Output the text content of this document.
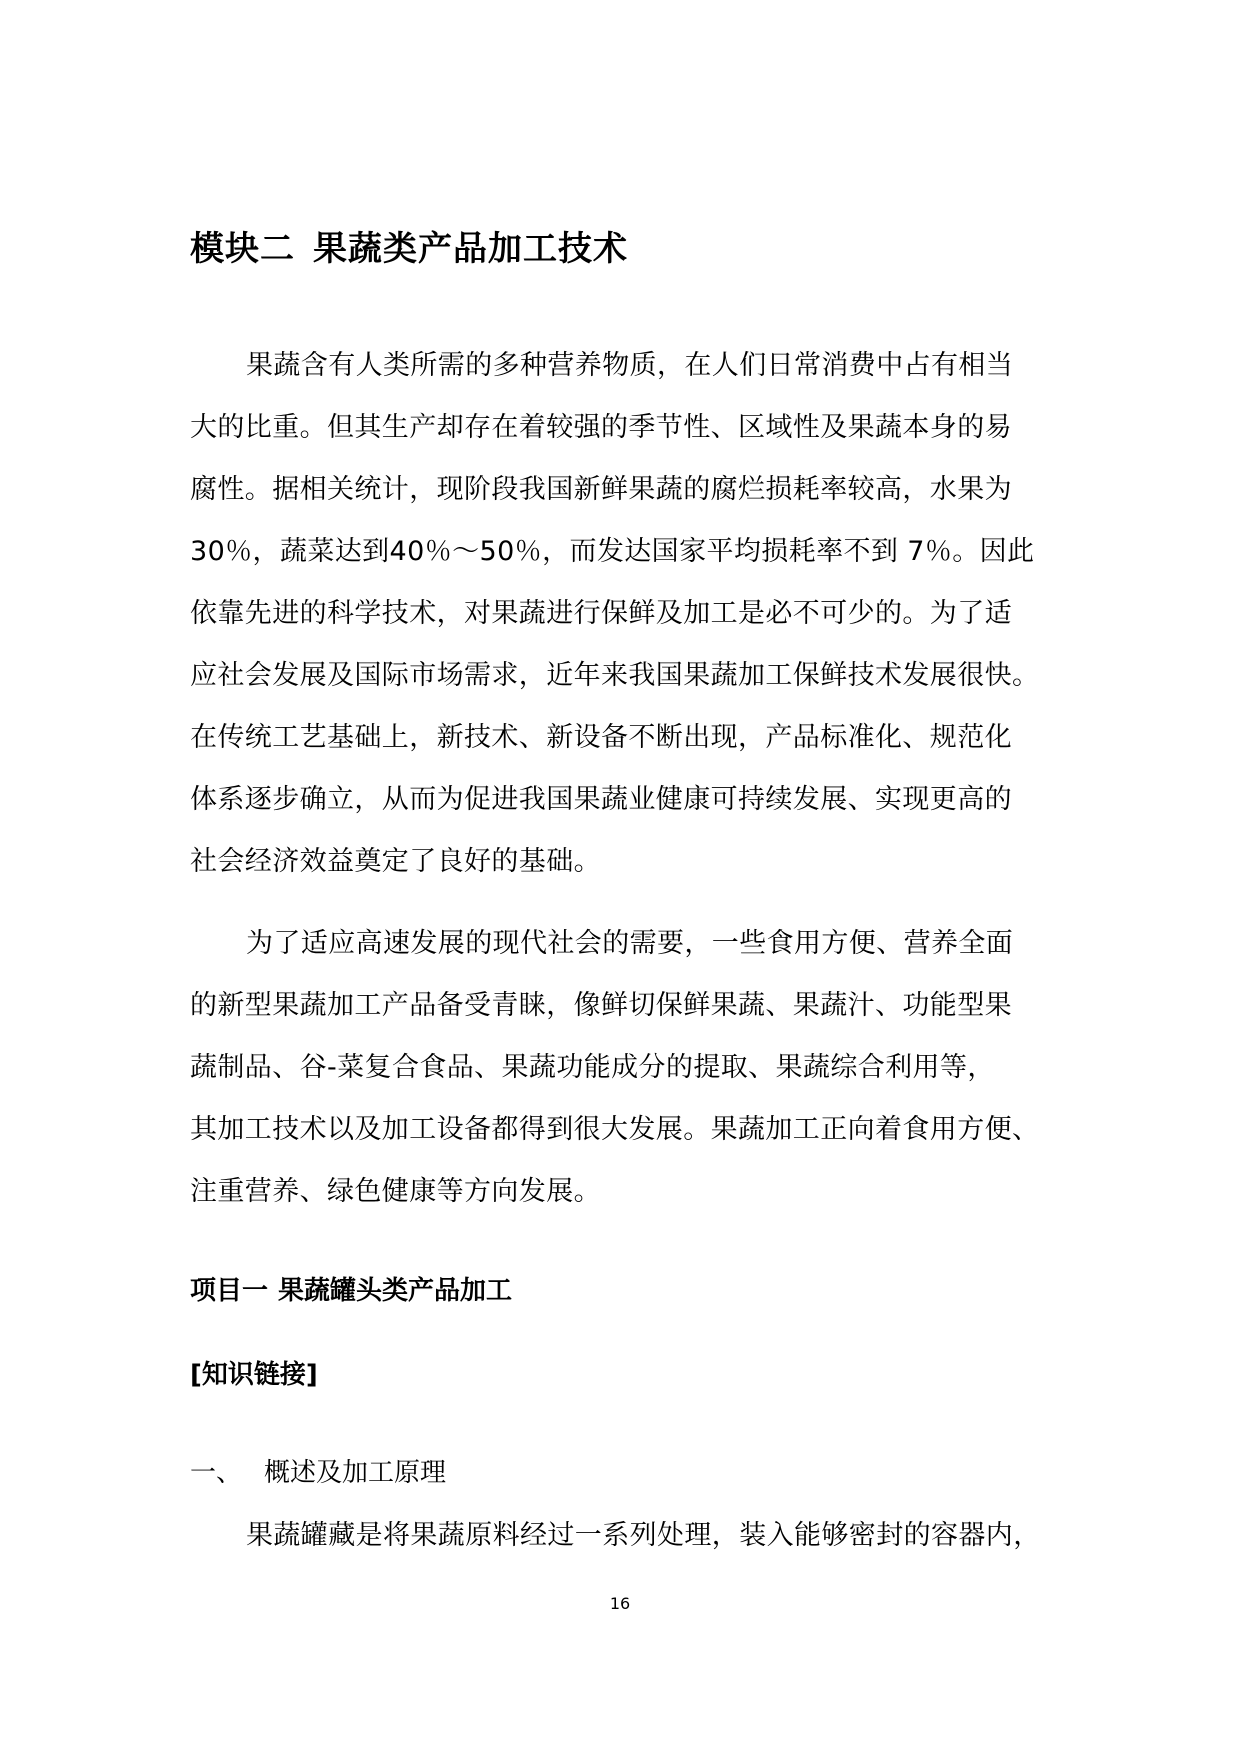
模块二 果蔬类产品加工技术
果蔬含有人类所需的多种营养物质，在人们日常消费中占有相当
大的比重。但其生产却存在着较强的季节性、区域性及果蔬本身的易
腐性。据相关统计，现阶段我国新鲜果蔬的腐烂损耗率较高，水果为
30％，蔬菜达到40％～50％，而发达国家平均损耗率不到 7％。因此
依靠先进的科学技术，对果蔬进行保鲜及加工是必不可少的。为了适
应社会发展及国际市场需求，近年来我国果蔬加工保鲜技术发展很快。
在传统工艺基础上，新技术、新设备不断出现，产品标准化、规范化
体系逐步确立，从而为促进我国果蔬业健康可持续发展、实现更高的
社会经济效益奠定了良好的基础。
为了适应高速发展的现代社会的需要，一些食用方便、营养全面
的新型果蔬加工产品备受青睐，像鲜切保鲜果蔬、果蔬汁、功能型果
蔬制品、谷-菜复合食品、果蔬功能成分的提取、果蔬综合利用等，
其加工技术以及加工设备都得到很大发展。果蔬加工正向着食用方便、
注重营养、绿色健康等方向发展。
项目一 果蔬罐头类产品加工
[知识链接]
一、 概述及加工原理
果蔬罐藏是将果蔬原料经过一系列处理，装入能够密封的容器内，
16
